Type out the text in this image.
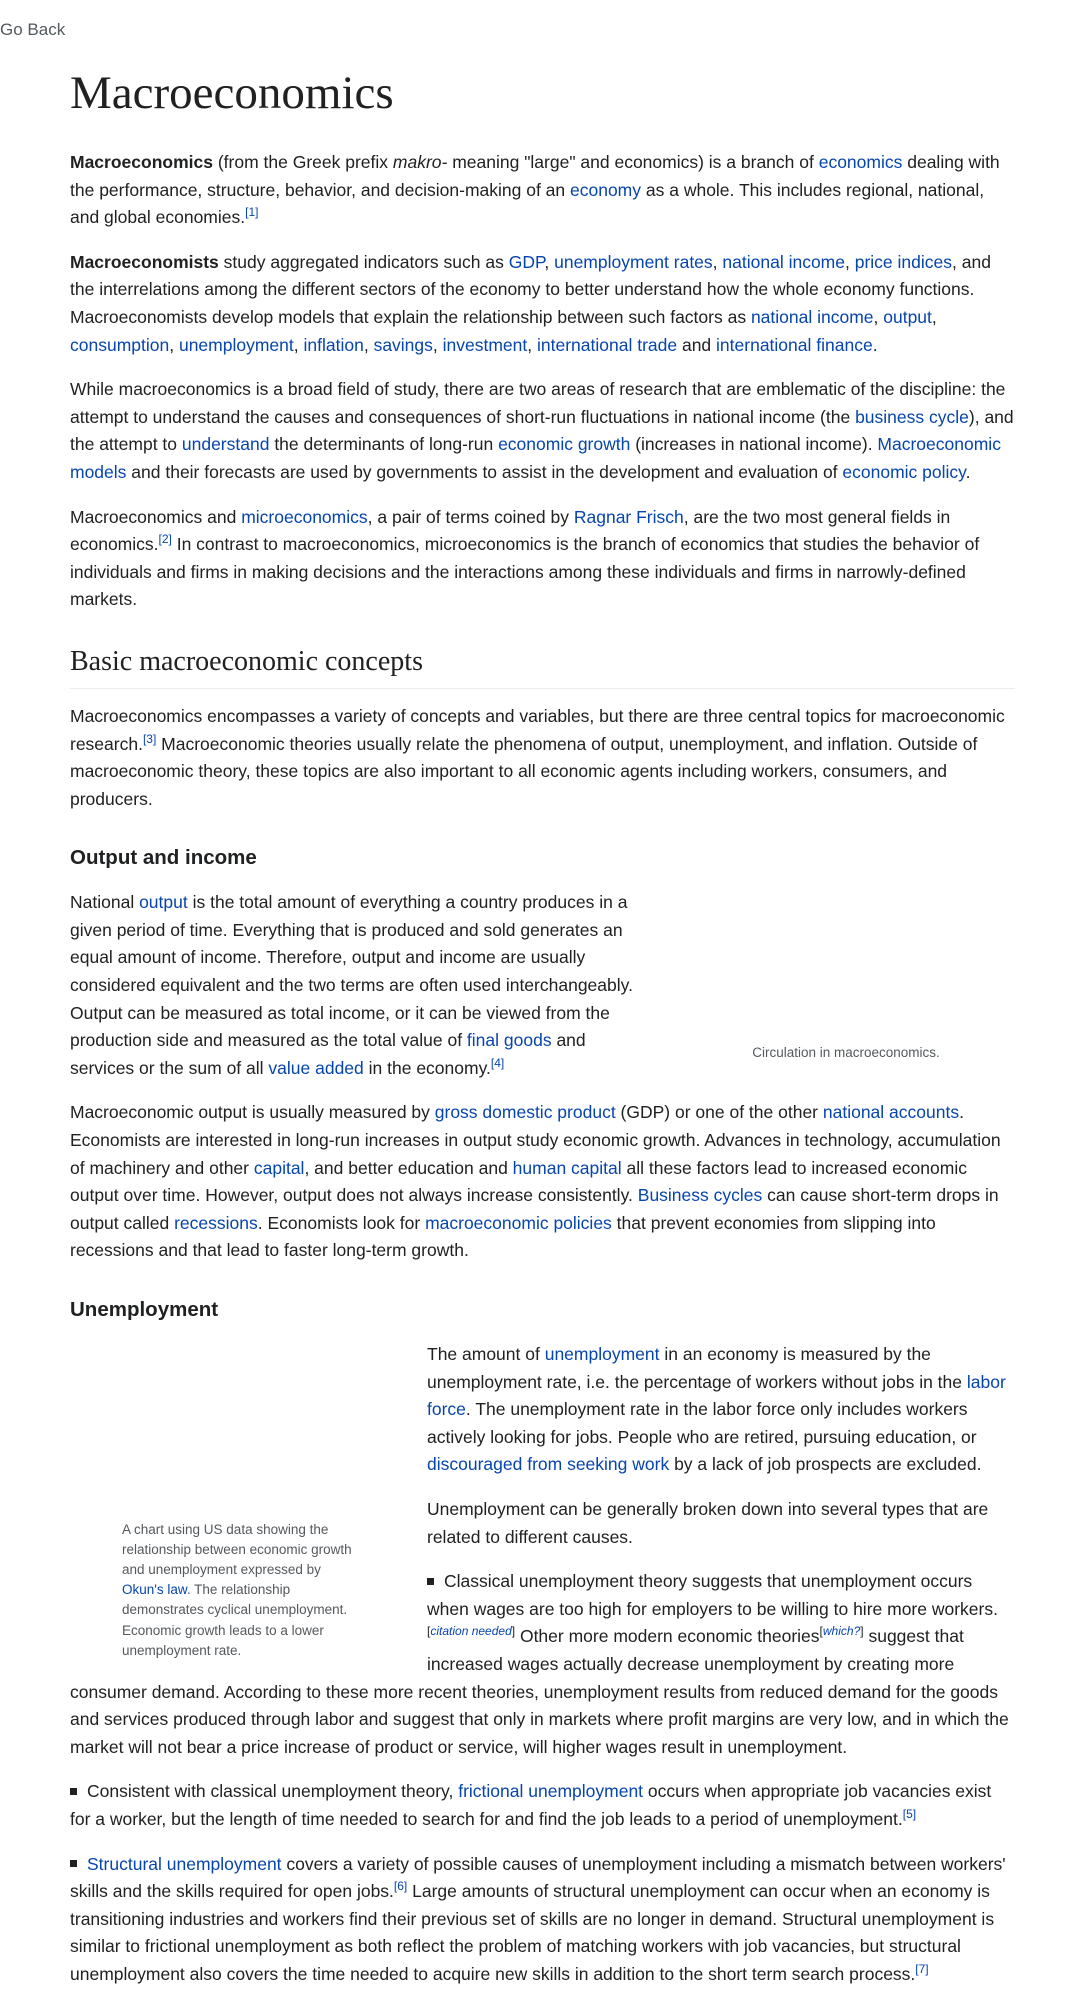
Go Back
Macroeconomics

Macroeconomics (from the Greek prefix makro- meaning "large" and economics) is a branch of economics dealing with the performance, structure, behavior, and decision-making of an economy as a whole. This includes regional, national, and global economies.[1]

Macroeconomists study aggregated indicators such as GDP, unemployment rates, national income, price indices, and the interrelations among the different sectors of the economy to better understand how the whole economy functions. Macroeconomists develop models that explain the relationship between such factors as national income, output, consumption, unemployment, inflation, savings, investment, international trade and international finance.

While macroeconomics is a broad field of study, there are two areas of research that are emblematic of the discipline: the attempt to understand the causes and consequences of short-run fluctuations in national income (the business cycle), and the attempt to understand the determinants of long-run economic growth (increases in national income). Macroeconomic models and their forecasts are used by governments to assist in the development and evaluation of economic policy.

Macroeconomics and microeconomics, a pair of terms coined by Ragnar Frisch, are the two most general fields in economics.[2] In contrast to macroeconomics, microeconomics is the branch of economics that studies the behavior of individuals and firms in making decisions and the interactions among these individuals and firms in narrowly-defined markets.

Basic macroeconomic concepts

Macroeconomics encompasses a variety of concepts and variables, but there are three central topics for macroeconomic research.[3] Macroeconomic theories usually relate the phenomena of output, unemployment, and inflation. Outside of macroeconomic theory, these topics are also important to all economic agents including workers, consumers, and producers.

Output and income
Circulation in macroeconomics.

National output is the total amount of everything a country produces in a given period of time. Everything that is produced and sold generates an equal amount of income. Therefore, output and income are usually considered equivalent and the two terms are often used interchangeably. Output can be measured as total income, or it can be viewed from the production side and measured as the total value of final goods and services or the sum of all value added in the economy.[4]

Macroeconomic output is usually measured by gross domestic product (GDP) or one of the other national accounts. Economists are interested in long-run increases in output study economic growth. Advances in technology, accumulation of machinery and other capital, and better education and human capital all these factors lead to increased economic output over time. However, output does not always increase consistently. Business cycles can cause short-term drops in output called recessions. Economists look for macroeconomic policies that prevent economies from slipping into recessions and that lead to faster long-term growth.

Unemployment
A chart using US data showing the relationship between economic growth and unemployment expressed by Okun's law. The relationship demonstrates cyclical unemployment. Economic growth leads to a lower unemployment rate.

The amount of unemployment in an economy is measured by the unemployment rate, i.e. the percentage of workers without jobs in the labor force. The unemployment rate in the labor force only includes workers actively looking for jobs. People who are retired, pursuing education, or discouraged from seeking work by a lack of job prospects are excluded.

Unemployment can be generally broken down into several types that are related to different causes.

Classical unemployment theory suggests that unemployment occurs when wages are too high for employers to be willing to hire more workers.[citation needed] Other more modern economic theories[which?] suggest that increased wages actually decrease unemployment by creating more consumer demand. According to these more recent theories, unemployment results from reduced demand for the goods and services produced through labor and suggest that only in markets where profit margins are very low, and in which the market will not bear a price increase of product or service, will higher wages result in unemployment.
Consistent with classical unemployment theory, frictional unemployment occurs when appropriate job vacancies exist for a worker, but the length of time needed to search for and find the job leads to a period of unemployment.[5]
Structural unemployment covers a variety of possible causes of unemployment including a mismatch between workers' skills and the skills required for open jobs.[6] Large amounts of structural unemployment can occur when an economy is transitioning industries and workers find their previous set of skills are no longer in demand. Structural unemployment is similar to frictional unemployment as both reflect the problem of matching workers with job vacancies, but structural unemployment also covers the time needed to acquire new skills in addition to the short term search process.[7]
